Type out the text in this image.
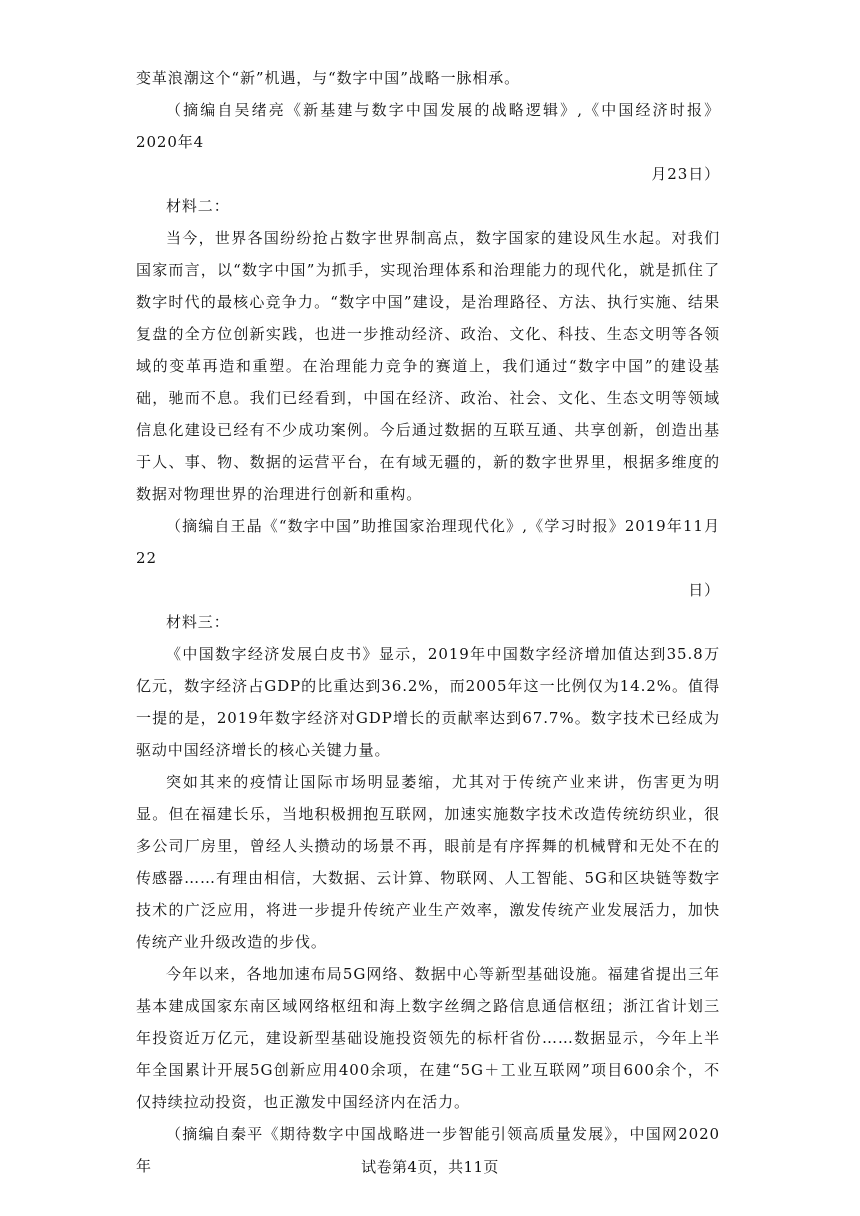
变革浪潮这个“新”机遇，与“数字中国”战略一脉相承。

（摘编自吴绪亮《新基建与数字中国发展的战略逻辑》,《中国经济时报》2020年4

月23日）

材料二：

当今，世界各国纷纷抢占数字世界制高点，数字国家的建设风生水起。对我们国家而言，以“数字中国”为抓手，实现治理体系和治理能力的现代化，就是抓住了数字时代的最核心竞争力。“数字中国”建设，是治理路径、方法、执行实施、结果复盘的全方位创新实践，也进一步推动经济、政治、文化、科技、生态文明等各领域的变革再造和重塑。在治理能力竞争的赛道上，我们通过“数字中国”的建设基础，驰而不息。我们已经看到，中国在经济、政治、社会、文化、生态文明等领域信息化建设已经有不少成功案例。今后通过数据的互联互通、共享创新，创造出基于人、事、物、数据的运营平台，在有域无疆的，新的数字世界里，根据多维度的数据对物理世界的治理进行创新和重构。

（摘编自王晶《“数字中国”助推国家治理现代化》,《学习时报》2019年11月22

日）

材料三：

《中国数字经济发展白皮书》显示，2019年中国数字经济增加值达到35.8万亿元，数字经济占GDP的比重达到36.2%，而2005年这一比例仅为14.2%。值得一提的是，2019年数字经济对GDP增长的贡献率达到67.7%。数字技术已经成为驱动中国经济增长的核心关键力量。

突如其来的疫情让国际市场明显萎缩，尤其对于传统产业来讲，伤害更为明显。但在福建长乐，当地积极拥抱互联网，加速实施数字技术改造传统纺织业，很多公司厂房里，曾经人头攒动的场景不再，眼前是有序挥舞的机械臂和无处不在的传感器……有理由相信，大数据、云计算、物联网、人工智能、5G和区块链等数字技术的广泛应用，将进一步提升传统产业生产效率，激发传统产业发展活力，加快传统产业升级改造的步伐。

今年以来，各地加速布局5G网络、数据中心等新型基础设施。福建省提出三年基本建成国家东南区域网络枢纽和海上数字丝绸之路信息通信枢纽；浙江省计划三年投资近万亿元，建设新型基础设施投资领先的标杆省份……数据显示，今年上半年全国累计开展5G创新应用400余项，在建“5G＋工业互联网”项目600余个，不仅持续拉动投资，也正激发中国经济内在活力。

（摘编自秦平《期待数字中国战略进一步智能引领高质量发展》，中国网2020年	试卷第4页，共11页
